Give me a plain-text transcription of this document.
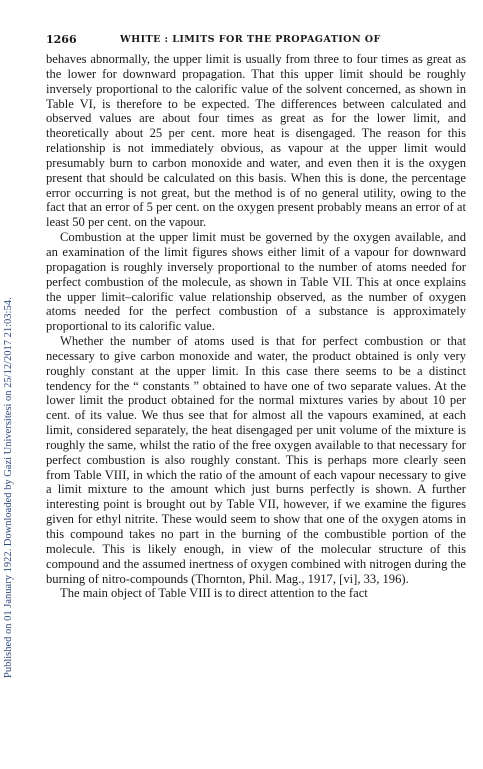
Published on 01 January 1922. Downloaded by Gazi Universitesi on 25/12/2017 21:03:54.
1266	WHITE : LIMITS FOR THE PROPAGATION OF

behaves abnormally, the upper limit is usually from three to four times as great as the lower for downward propagation. That this upper limit should be roughly inversely proportional to the calorific value of the solvent concerned, as shown in Table VI, is therefore to be expected. The differences between calculated and observed values are about four times as great as for the lower limit, and theoretically about 25 per cent. more heat is disengaged. The reason for this relationship is not immediately obvious, as vapour at the upper limit would presumably burn to carbon monoxide and water, and even then it is the oxygen present that should be calculated on this basis. When this is done, the percentage error occurring is not great, but the method is of no general utility, owing to the fact that an error of 5 per cent. on the oxygen present probably means an error of at least 50 per cent. on the vapour.

Combustion at the upper limit must be governed by the oxygen available, and an examination of the limit figures shows either limit of a vapour for downward propagation is roughly inversely proportional to the number of atoms needed for perfect combustion of the molecule, as shown in Table VII. This at once explains the upper limit–calorific value relationship observed, as the number of oxygen atoms needed for the perfect combustion of a substance is approximately proportional to its calorific value.

Whether the number of atoms used is that for perfect combustion or that necessary to give carbon monoxide and water, the product obtained is only very roughly constant at the upper limit. In this case there seems to be a distinct tendency for the “ constants ” obtained to have one of two separate values. At the lower limit the product obtained for the normal mixtures varies by about 10 per cent. of its value. We thus see that for almost all the vapours examined, at each limit, considered separately, the heat disengaged per unit volume of the mixture is roughly the same, whilst the ratio of the free oxygen available to that necessary for perfect combustion is also roughly constant. This is perhaps more clearly seen from Table VIII, in which the ratio of the amount of each vapour necessary to give a limit mixture to the amount which just burns perfectly is shown. A further interesting point is brought out by Table VII, however, if we examine the figures given for ethyl nitrite. These would seem to show that one of the oxygen atoms in this compound takes no part in the burning of the combustible portion of the molecule. This is likely enough, in view of the molecular structure of this compound and the assumed inertness of oxygen combined with nitrogen during the burning of nitro-compounds (Thornton, Phil. Mag., 1917, [vi], 33, 196).

The main object of Table VIII is to direct attention to the fact
